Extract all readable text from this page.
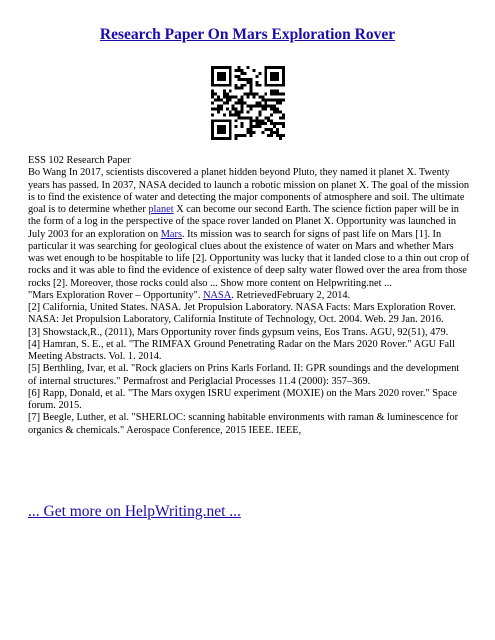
Research Paper On Mars Exploration Rover

ESS 102 Research Paper

Bo Wang In 2017, scientists discovered a planet hidden beyond Pluto, they named it planet X. Twenty years has passed. In 2037, NASA decided to launch a robotic mission on planet X. The goal of the mission is to find the existence of water and detecting the major components of atmosphere and soil. The ultimate goal is to determine whether planet X can become our second Earth. The science fiction paper will be in the form of a log in the perspective of the space rover landed on Planet X. Opportunity was launched in July 2003 for an exploration on Mars. Its mission was to search for signs of past life on Mars [1]. In particular it was searching for geological clues about the existence of water on Mars and whether Mars was wet enough to be hospitable to life [2]. Opportunity was lucky that it landed close to a thin out crop of rocks and it was able to find the evidence of existence of deep salty water flowed over the area from those rocks [2]. Moreover, those rocks could also ... Show more content on Helpwriting.net ...

"Mars Exploration Rover – Opportunity". NASA. RetrievedFebruary 2, 2014.

[2] California, United States. NASA. Jet Propulsion Laboratory. NASA Facts: Mars Exploration Rover. NASA: Jet Propulsion Laboratory, California Institute of Technology, Oct. 2004. Web. 29 Jan. 2016.

[3] Showstack,R., (2011), Mars Opportunity rover finds gypsum veins, Eos Trans. AGU, 92(51), 479.

[4] Hamran, S. E., et al. "The RIMFAX Ground Penetrating Radar on the Mars 2020 Rover." AGU Fall Meeting Abstracts. Vol. 1. 2014.

[5] Berthling, Ivar, et al. "Rock glaciers on Prins Karls Forland. II: GPR soundings and the development of internal structures." Permafrost and Periglacial Processes 11.4 (2000): 357–369.

[6] Rapp, Donald, et al. "The Mars oxygen ISRU experiment (MOXIE) on the Mars 2020 rover." Space forum. 2015.

[7] Beegle, Luther, et al. "SHERLOC: scanning habitable environments with raman & luminescence for organics & chemicals." Aerospace Conference, 2015 IEEE. IEEE,

... Get more on HelpWriting.net ...
